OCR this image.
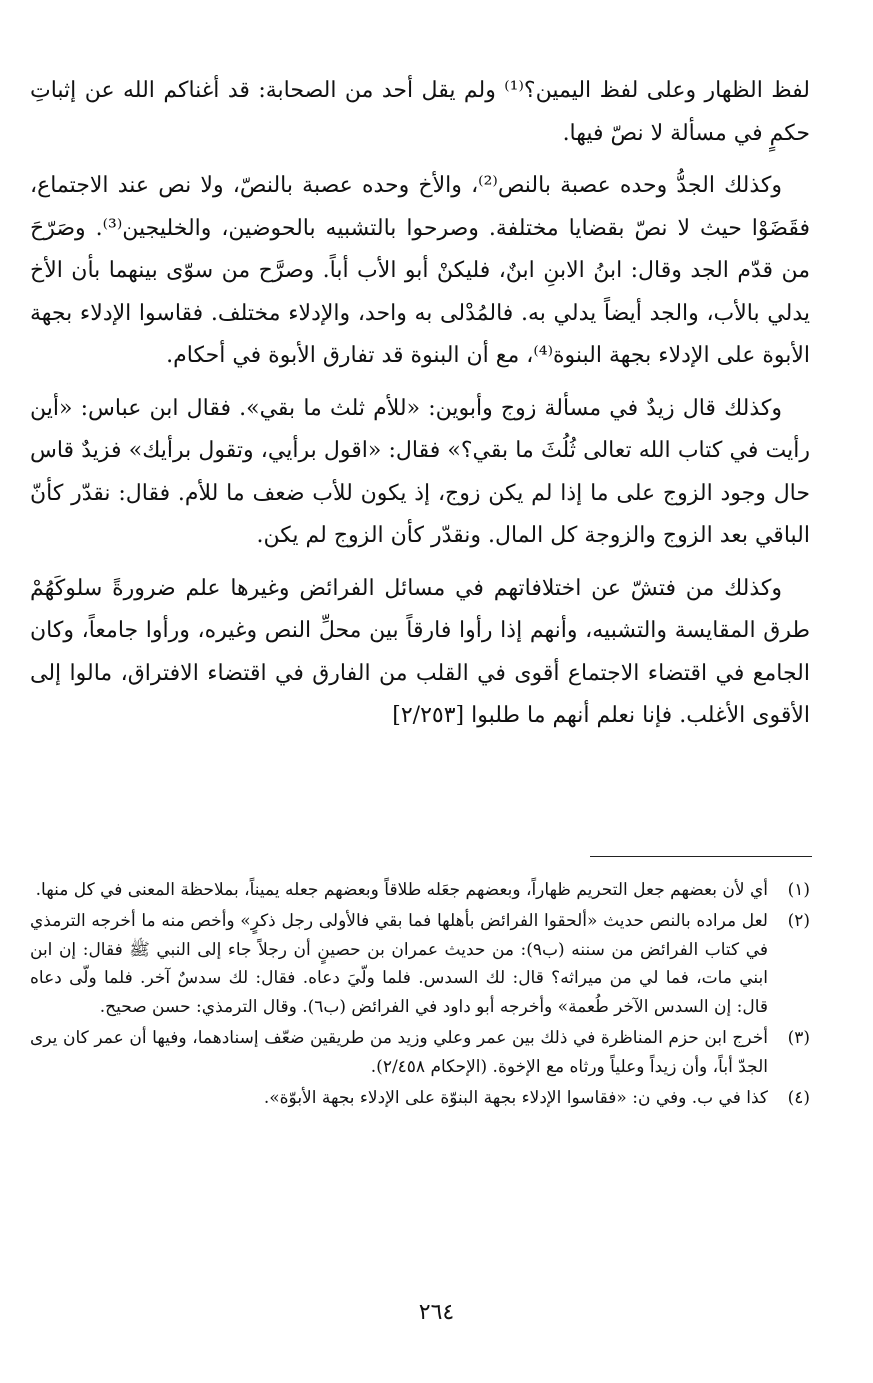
لفظ الظهار وعلى لفظ اليمين؟⁽¹⁾ ولم يقل أحد من الصحابة: قد أغناكم الله عن إثباتِ حكمٍ في مسألة لا نصّ فيها.

وكذلك الجدُّ وحده عصبة بالنص⁽²⁾، والأخ وحده عصبة بالنصّ، ولا نص عند الاجتماع، فقَضَوْا حيث لا نصّ بقضايا مختلفة. وصرحوا بالتشبيه بالحوضين، والخليجين⁽³⁾. وصَرّحَ من قدّم الجد وقال: ابنُ الابنِ ابنٌ، فليكنْ أبو الأب أباً. وصرَّح من سوّى بينهما بأن الأخ يدلي بالأب، والجد أيضاً يدلي به. فالمُدْلى به واحد، والإدلاء مختلف. فقاسوا الإدلاء بجهة الأبوة على الإدلاء بجهة البنوة⁽⁴⁾، مع أن البنوة قد تفارق الأبوة في أحكام.

وكذلك قال زيدٌ في مسألة زوج وأبوين: «للأم ثلث ما بقي». فقال ابن عباس: «أين رأيت في كتاب الله تعالى ثُلُثَ ما بقي؟» فقال: «اقول برأيي، وتقول برأيك» فزيدٌ قاس حال وجود الزوج على ما إذا لم يكن زوج، إذ يكون للأب ضعف ما للأم. فقال: نقدّر كأنّ الباقي بعد الزوج والزوجة كل المال. ونقدّر كأن الزوج لم يكن.

وكذلك من فتشّ عن اختلافاتهم في مسائل الفرائض وغيرها علم ضرورةً سلوكَهُمْ طرق المقايسة والتشبيه، وأنهم إذا رأوا فارقاً بين محلِّ النص وغيره، ورأوا جامعاً، وكان الجامع في اقتضاء الاجتماع أقوى في القلب من الفارق في اقتضاء الافتراق، مالوا إلى الأقوى الأغلب. فإنا نعلم أنهم ما طلبوا [٢/٢٥٣]

(١)
أي لأن بعضهم جعل التحريم ظهاراً، وبعضهم جعَله طلاقاً وبعضهم جعله يميناً، بملاحظة المعنى في كل منها.
(٢)
لعل مراده بالنص حديث «ألحقوا الفرائض بأهلها فما بقي فالأولى رجل ذكرٍ» وأخص منه ما أخرجه الترمذي في كتاب الفرائض من سننه (ب٩): من حديث عمران بن حصينٍ أن رجلاً جاء إلى النبي ﷺ فقال: إن ابن ابني مات، فما لي من ميراثه؟ قال: لك السدس. فلما ولّيَ دعاه. فقال: لك سدسٌ آخر. فلما ولّى دعاه قال: إن السدس الآخر طُعمة» وأخرجه أبو داود في الفرائض (ب٦). وقال الترمذي: حسن صحيح.
(٣)
أخرج ابن حزم المناظرة في ذلك بين عمر وعلي وزيد من طريقين ضعّف إسنادهما، وفيها أن عمر كان يرى الجدّ أباً، وأن زيداً وعلياً ورثاه مع الإخوة. (الإحكام ٢/٤٥٨).
(٤)
كذا في ب. وفي ن: «فقاسوا الإدلاء بجهة البنوّة على الإدلاء بجهة الأبوّة».
٢٦٤
